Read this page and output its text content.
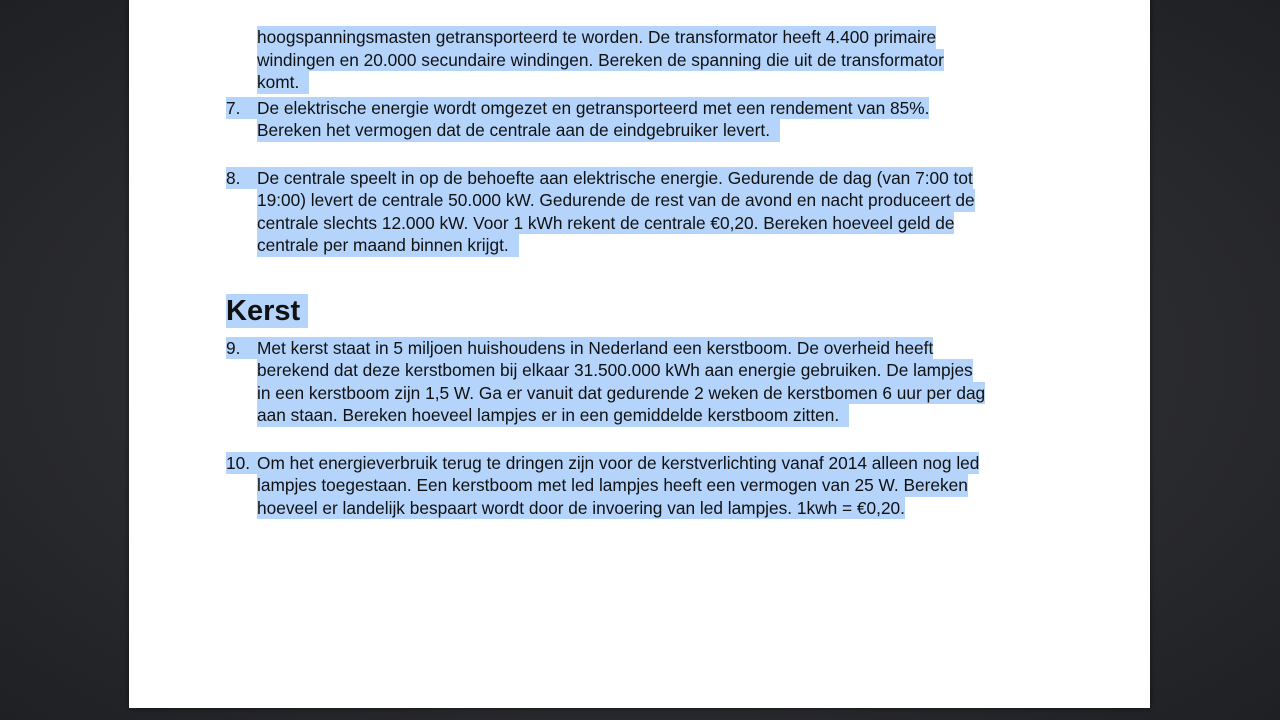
hoogspanningsmasten getransporteerd te worden. De transformator heeft 4.400 primaire
windingen en 20.000 secundaire windingen. Bereken de spanning die uit de transformator
komt.
7. De elektrische energie wordt omgezet en getransporteerd met een rendement van 85%.
Bereken het vermogen dat de centrale aan de eindgebruiker levert.
8. De centrale speelt in op de behoefte aan elektrische energie. Gedurende de dag (van 7:00 tot
19:00) levert de centrale 50.000 kW. Gedurende de rest van de avond en nacht produceert de
centrale slechts 12.000 kW. Voor 1 kWh rekent de centrale €0,20. Bereken hoeveel geld de
centrale per maand binnen krijgt.
Kerst
9. Met kerst staat in 5 miljoen huishoudens in Nederland een kerstboom. De overheid heeft
berekend dat deze kerstbomen bij elkaar 31.500.000 kWh aan energie gebruiken. De lampjes
in een kerstboom zijn 1,5 W. Ga er vanuit dat gedurende 2 weken de kerstbomen 6 uur per dag
aan staan. Bereken hoeveel lampjes er in een gemiddelde kerstboom zitten.
10. Om het energieverbruik terug te dringen zijn voor de kerstverlichting vanaf 2014 alleen nog led
lampjes toegestaan. Een kerstboom met led lampjes heeft een vermogen van 25 W. Bereken
hoeveel er landelijk bespaart wordt door de invoering van led lampjes. 1kwh = €0,20.
